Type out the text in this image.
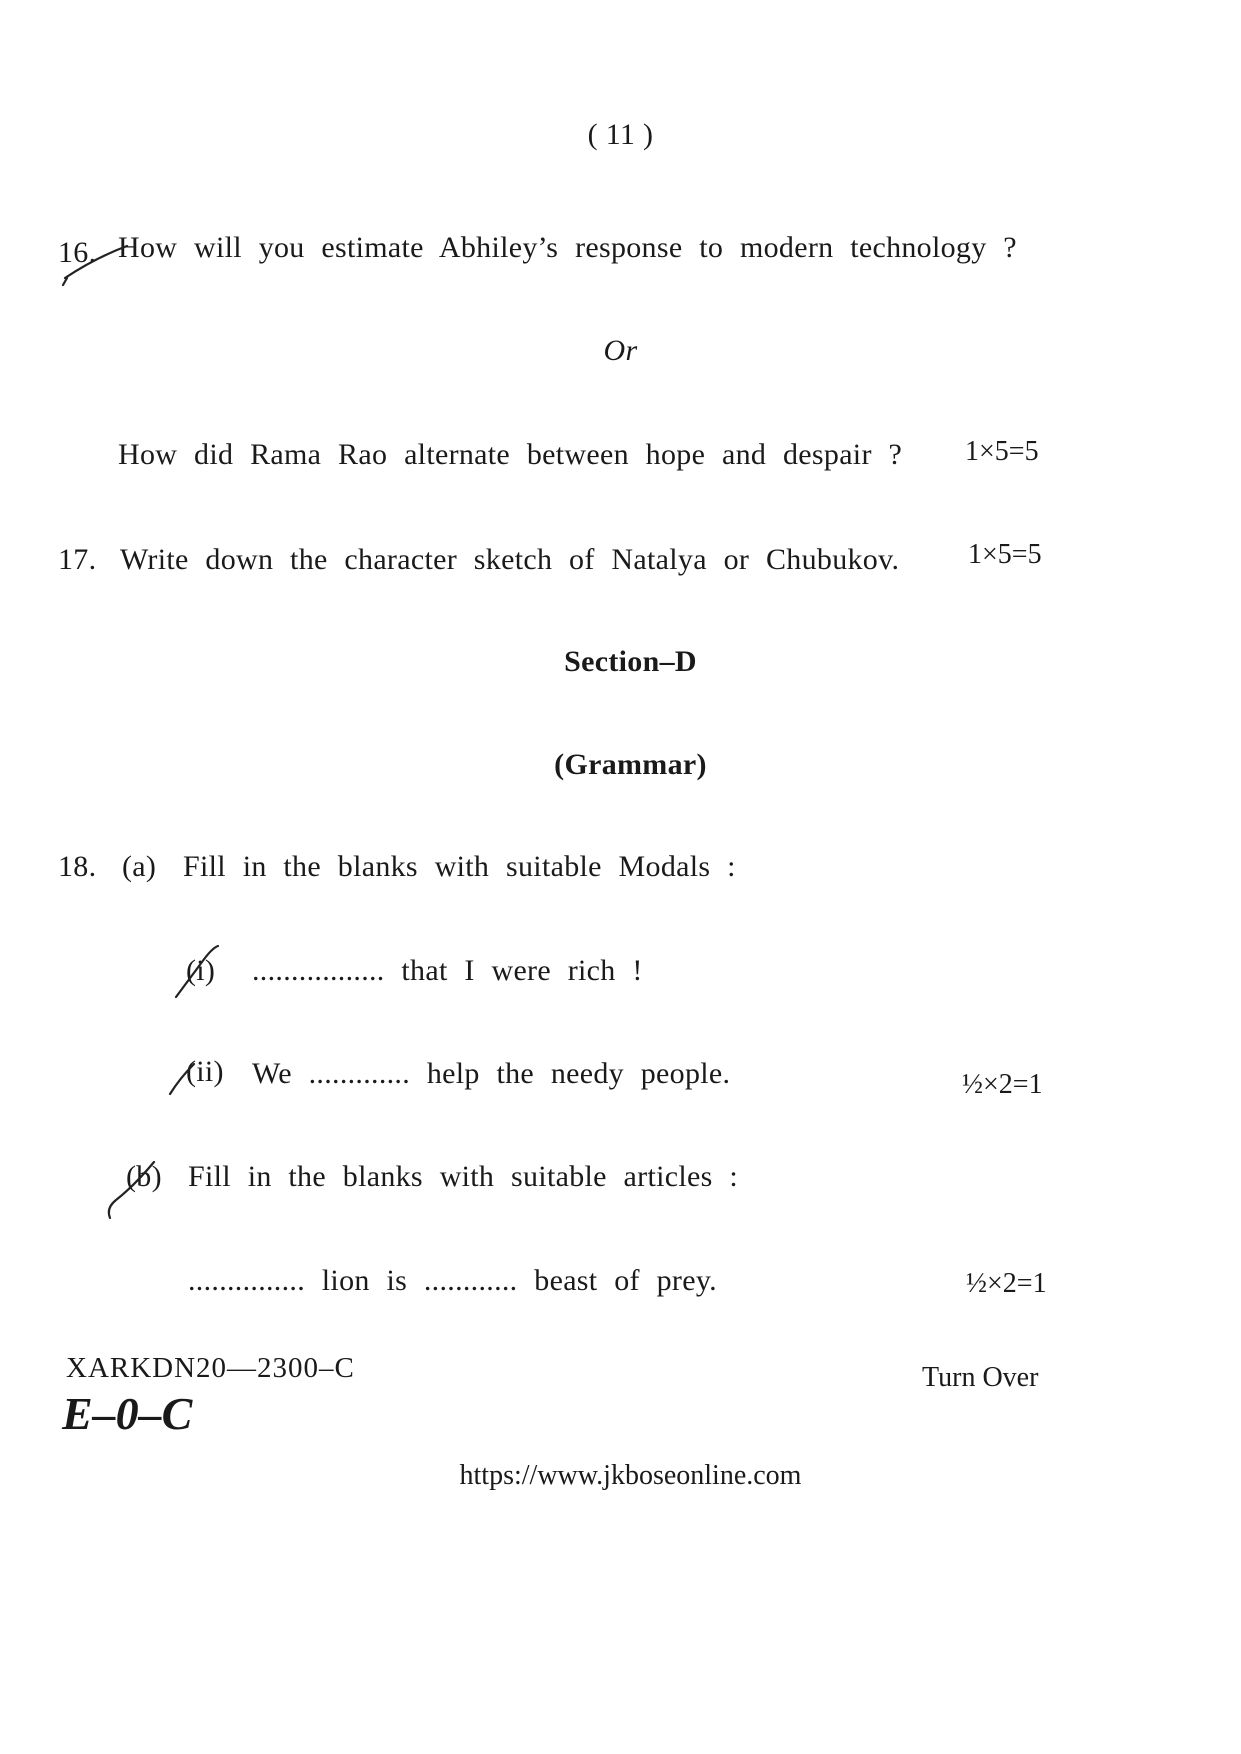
( 11 )
16. How will you estimate Abhiley’s response to modern technology ?
Or
How did Rama Rao alternate between hope and despair ? 1×5=5
17. Write down the character sketch of Natalya or Chubukov. 1×5=5
Section–D
(Grammar)
18. (a) Fill in the blanks with suitable Modals :
(i) ................. that I were rich !
(ii) We ............. help the needy people.	½×2=1
(b) Fill in the blanks with suitable articles :
............... lion is ............ beast of prey.	½×2=1
XARKDN20—2300–C	Turn Over
E–0–C
https://www.jkboseonline.com
